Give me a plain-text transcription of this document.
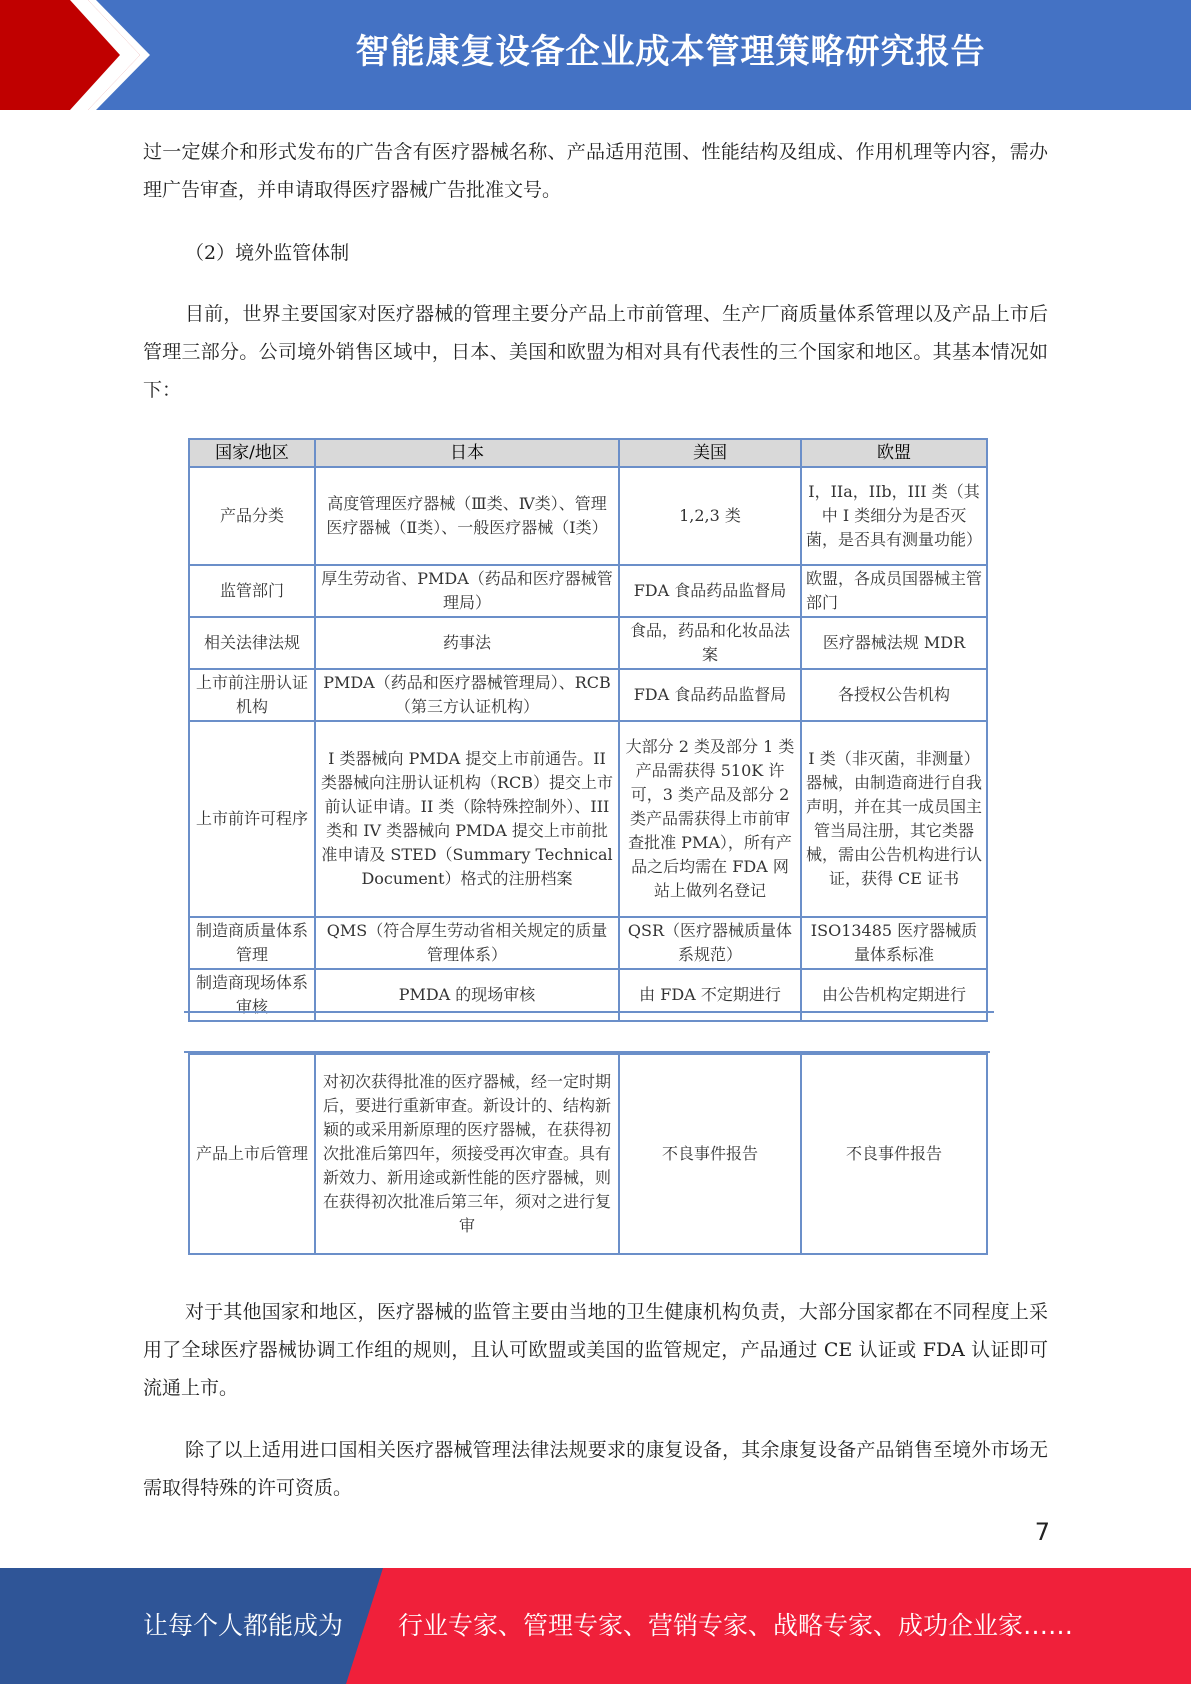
智能康复设备企业成本管理策略研究报告

过一定媒介和形式发布的广告含有医疗器械名称、产品适用范围、性能结构及组成、作用机理等内容，需办理广告审查，并申请取得医疗器械广告批准文号。

（2）境外监管体制

目前，世界主要国家对医疗器械的管理主要分产品上市前管理、生产厂商质量体系管理以及产品上市后管理三部分。公司境外销售区域中，日本、美国和欧盟为相对具有代表性的三个国家和地区。其基本情况如下：

国家/地区	日本	美国	欧盟
产品分类	高度管理医疗器械（Ⅲ类、Ⅳ类）、管理医疗器械（Ⅱ类）、一般医疗器械（Ⅰ类）	1,2,3 类	I，IIa，IIb，III 类（其中 I 类细分为是否灭菌，是否具有测量功能）
监管部门	厚生劳动省、PMDA（药品和医疗器械管理局）	FDA 食品药品监督局	欧盟，各成员国器械主管部门
相关法律法规	药事法	食品，药品和化妆品法案	医疗器械法规 MDR
上市前注册认证机构	PMDA（药品和医疗器械管理局）、RCB（第三方认证机构）	FDA 食品药品监督局	各授权公告机构
上市前许可程序	I 类器械向 PMDA 提交上市前通告。II 类器械向注册认证机构（RCB）提交上市前认证申请。II 类（除特殊控制外）、III 类和 IV 类器械向 PMDA 提交上市前批准申请及 STED（Summary Technical Document）格式的注册档案	大部分 2 类及部分 1 类产品需获得 510K 许可，3 类产品及部分 2 类产品需获得上市前审查批准 PMA），所有产品之后均需在 FDA 网站上做列名登记	I 类（非灭菌，非测量）器械，由制造商进行自我声明，并在其一成员国主管当局注册，其它类器械，需由公告机构进行认证，获得 CE 证书
制造商质量体系管理	QMS（符合厚生劳动省相关规定的质量管理体系）	QSR（医疗器械质量体系规范）	ISO13485 医疗器械质量体系标准
制造商现场体系审核	PMDA 的现场审核	由 FDA 不定期进行	由公告机构定期进行
产品上市后管理	对初次获得批准的医疗器械，经一定时期后，要进行重新审查。新设计的、结构新颖的或采用新原理的医疗器械，在获得初次批准后第四年，须接受再次审查。具有新效力、新用途或新性能的医疗器械，则在获得初次批准后第三年，须对之进行复审	不良事件报告	不良事件报告

对于其他国家和地区，医疗器械的监管主要由当地的卫生健康机构负责，大部分国家都在不同程度上采用了全球医疗器械协调工作组的规则，且认可欧盟或美国的监管规定，产品通过 CE 认证或 FDA 认证即可流通上市。

除了以上适用进口国相关医疗器械管理法律法规要求的康复设备，其余康复设备产品销售至境外市场无需取得特殊的许可资质。

7
让每个人都能成为 行业专家、管理专家、营销专家、战略专家、成功企业家……
